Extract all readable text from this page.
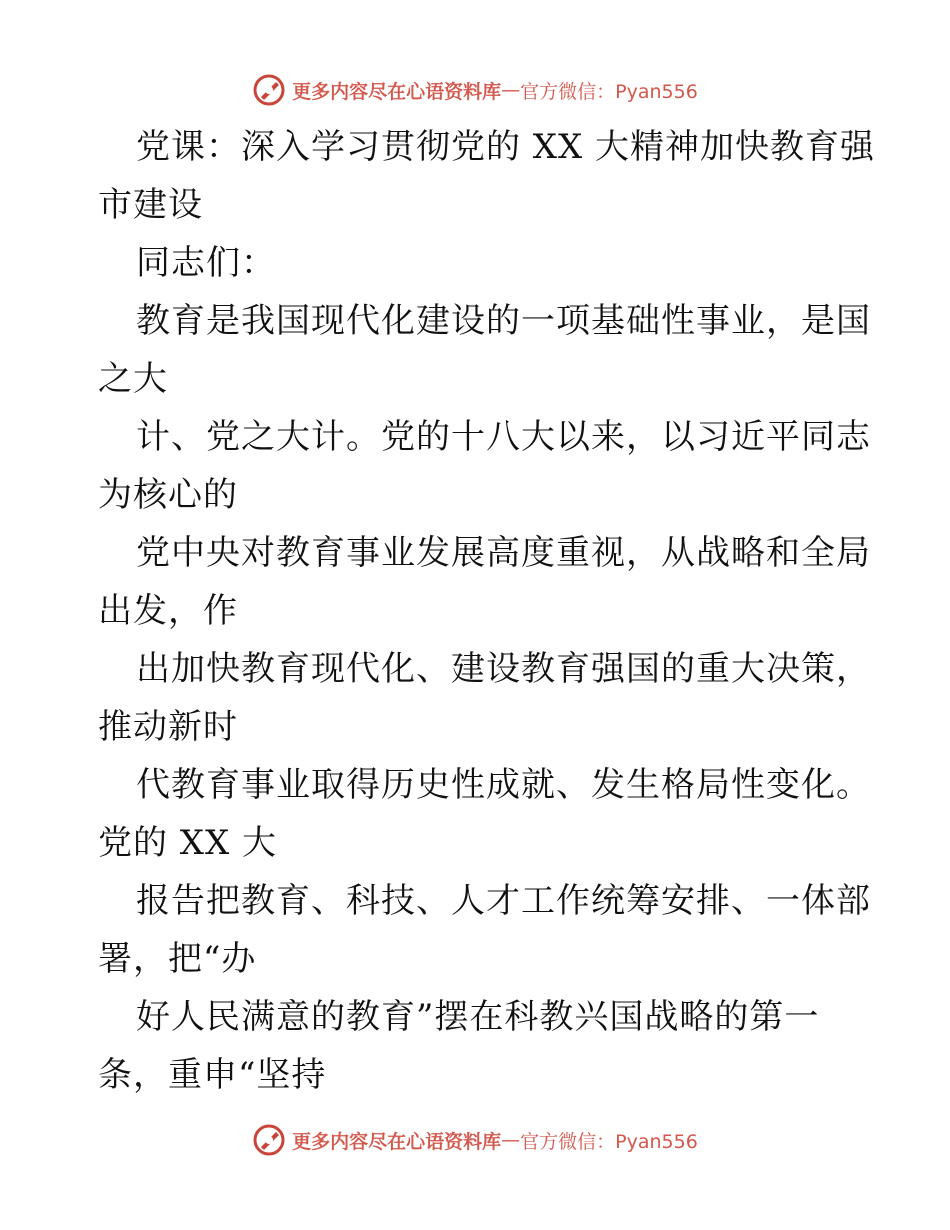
更多内容尽在心语资料库 — 官方微信：Pyan556
党课：深入学习贯彻党的 XX 大精神加快教育强
市建设
同志们：
教育是我国现代化建设的一项基础性事业，是国
之大
计、党之大计。党的十八大以来，以习近平同志
为核心的
党中央对教育事业发展高度重视，从战略和全局
出发，作
出加快教育现代化、建设教育强国的重大决策，
推动新时
代教育事业取得历史性成就、发生格局性变化。
党的 XX 大
报告把教育、科技、人才工作统筹安排、一体部
署，把“办
好人民满意的教育”摆在科教兴国战略的第一
条，重申“坚持
更多内容尽在心语资料库 — 官方微信：Pyan556
